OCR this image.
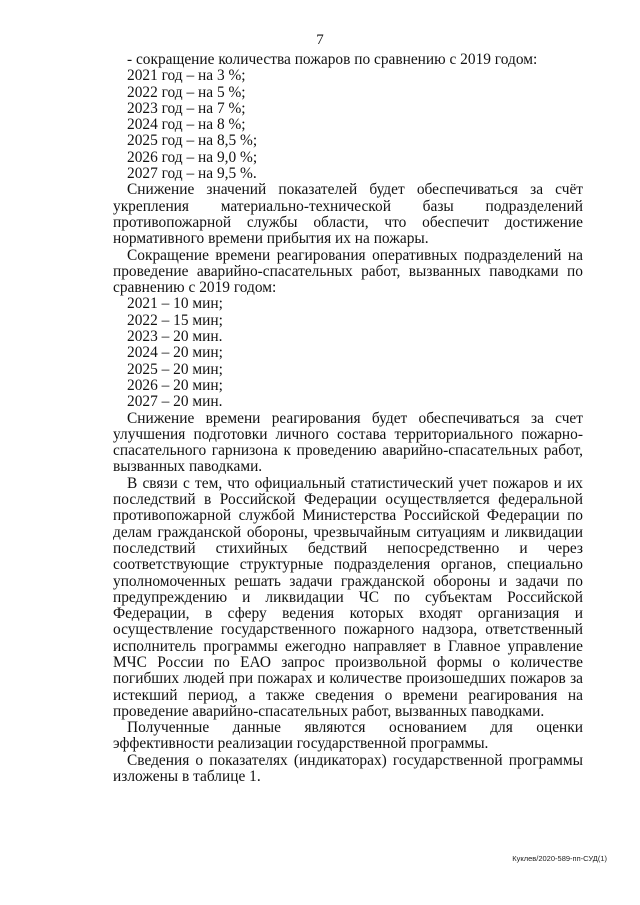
7
- сокращение количества пожаров по сравнению с 2019 годом:
2021 год – на 3 %;
2022 год – на 5 %;
2023 год – на 7 %;
2024 год – на 8 %;
2025 год – на 8,5 %;
2026 год – на 9,0 %;
2027 год – на 9,5 %.

Снижение значений показателей будет обеспечиваться за счёт укрепления материально-технической базы подразделений противопожарной службы области, что обеспечит достижение нормативного времени прибытия их на пожары.

Сокращение времени реагирования оперативных подразделений на проведение аварийно-спасательных работ, вызванных паводками по сравнению с 2019 годом:

2021 – 10 мин;
2022 – 15 мин;
2023 – 20 мин.
2024 – 20 мин;
2025 – 20 мин;
2026 – 20 мин;
2027 – 20 мин.

Снижение времени реагирования будет обеспечиваться за счет улучшения подготовки личного состава территориального пожарно-спасательного гарнизона к проведению аварийно-спасательных работ, вызванных паводками.

В связи с тем, что официальный статистический учет пожаров и их последствий в Российской Федерации осуществляется федеральной противопожарной службой Министерства Российской Федерации по делам гражданской обороны, чрезвычайным ситуациям и ликвидации последствий стихийных бедствий непосредственно и через соответствующие структурные подразделения органов, специально уполномоченных решать задачи гражданской обороны и задачи по предупреждению и ликвидации ЧС по субъектам Российской Федерации, в сферу ведения которых входят организация и осуществление государственного пожарного надзора, ответственный исполнитель программы ежегодно направляет в Главное управление МЧС России по ЕАО запрос произвольной формы о количестве погибших людей при пожарах и количестве произошедших пожаров за истекший период, а также сведения о времени реагирования на проведение аварийно-спасательных работ, вызванных паводками.

Полученные данные являются основанием для оценки эффективности реализации государственной программы.

Сведения о показателях (индикаторах) государственной программы изложены в таблице 1.

Куклев/2020-589-пп-СУД(1)
